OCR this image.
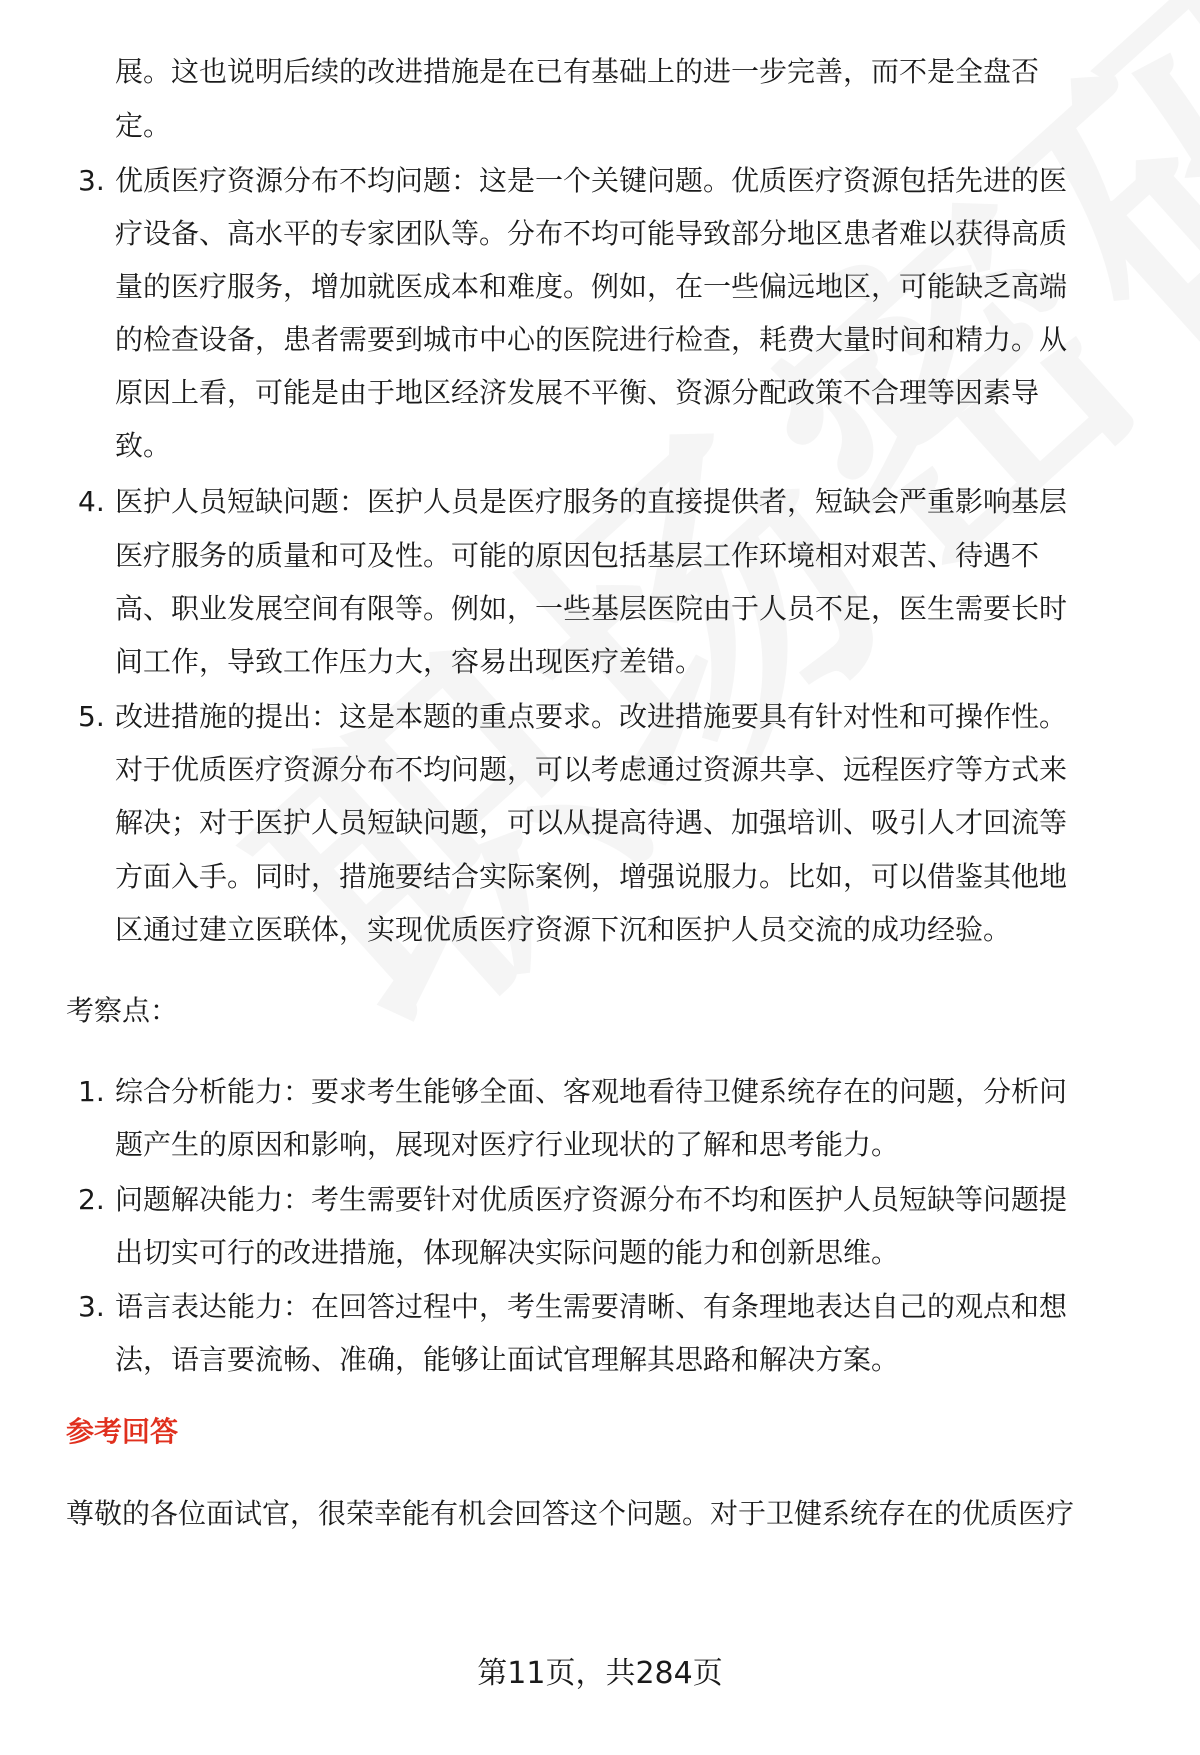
展。这也说明后续的改进措施是在已有基础上的进一步完善，而不是全盘否
定。
3. 优质医疗资源分布不均问题：这是一个关键问题。优质医疗资源包括先进的医
疗设备、高水平的专家团队等。分布不均可能导致部分地区患者难以获得高质
量的医疗服务，增加就医成本和难度。例如，在一些偏远地区，可能缺乏高端
的检查设备，患者需要到城市中心的医院进行检查，耗费大量时间和精力。从
原因上看，可能是由于地区经济发展不平衡、资源分配政策不合理等因素导
致。
4. 医护人员短缺问题：医护人员是医疗服务的直接提供者，短缺会严重影响基层
医疗服务的质量和可及性。可能的原因包括基层工作环境相对艰苦、待遇不
高、职业发展空间有限等。例如，一些基层医院由于人员不足，医生需要长时
间工作，导致工作压力大，容易出现医疗差错。
5. 改进措施的提出：这是本题的重点要求。改进措施要具有针对性和可操作性。
对于优质医疗资源分布不均问题，可以考虑通过资源共享、远程医疗等方式来
解决；对于医护人员短缺问题，可以从提高待遇、加强培训、吸引人才回流等
方面入手。同时，措施要结合实际案例，增强说服力。比如，可以借鉴其他地
区通过建立医联体，实现优质医疗资源下沉和医护人员交流的成功经验。
考察点：
1. 综合分析能力：要求考生能够全面、客观地看待卫健系统存在的问题，分析问
题产生的原因和影响，展现对医疗行业现状的了解和思考能力。
2. 问题解决能力：考生需要针对优质医疗资源分布不均和医护人员短缺等问题提
出切实可行的改进措施，体现解决实际问题的能力和创新思维。
3. 语言表达能力：在回答过程中，考生需要清晰、有条理地表达自己的观点和想
法，语言要流畅、准确，能够让面试官理解其思路和解决方案。
参考回答
尊敬的各位面试官，很荣幸能有机会回答这个问题。对于卫健系统存在的优质医疗
第11页，共284页
